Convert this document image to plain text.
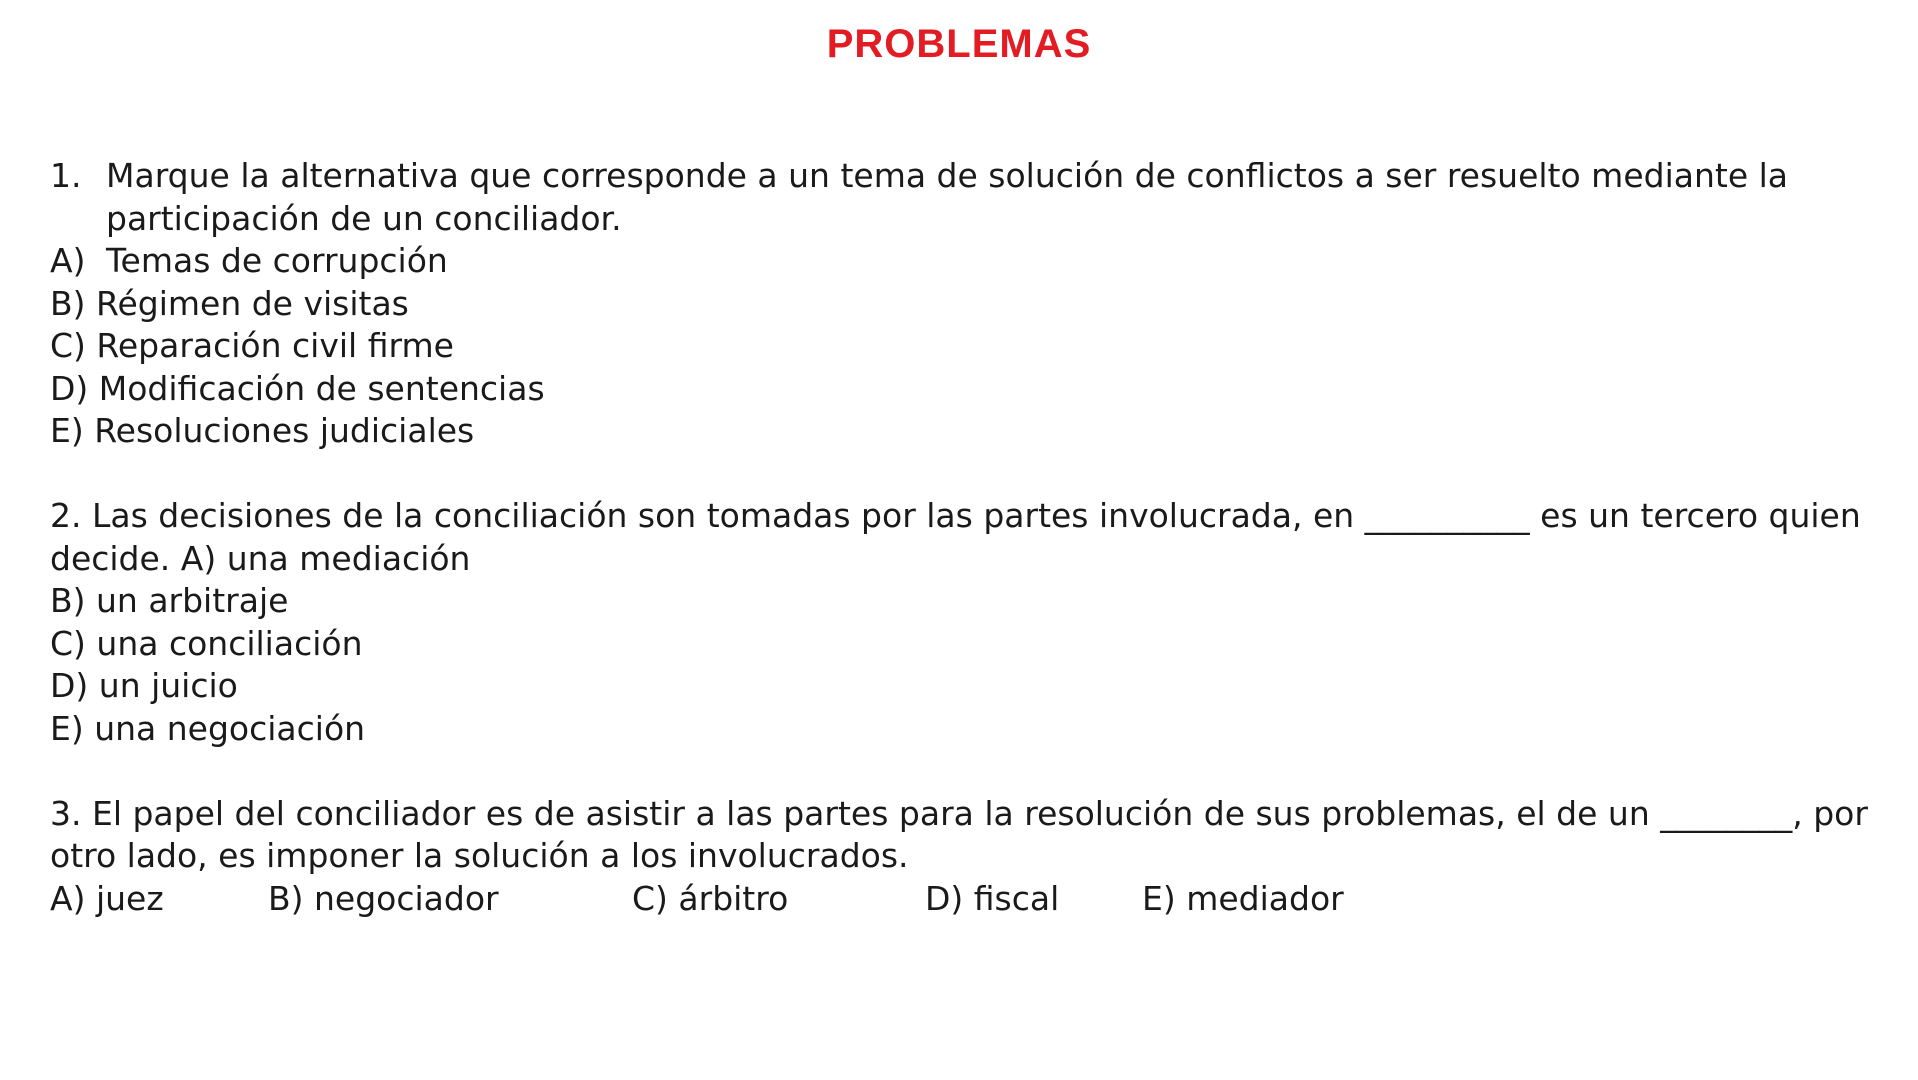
PROBLEMAS
1. Marque la alternativa que corresponde a un tema de solución de conflictos a ser resuelto mediante la
participación de un conciliador.
A) Temas de corrupción
B) Régimen de visitas
C) Reparación civil firme
D) Modificación de sentencias
E) Resoluciones judiciales
2. Las decisiones de la conciliación son tomadas por las partes involucrada, en __________ es un tercero quien
decide. A) una mediación
B) un arbitraje
C) una conciliación
D) un juicio
E) una negociación
3. El papel del conciliador es de asistir a las partes para la resolución de sus problemas, el de un ________, por
otro lado, es imponer la solución a los involucrados.
A) juez	B) negociador	C) árbitro	D) fiscal	E) mediador
